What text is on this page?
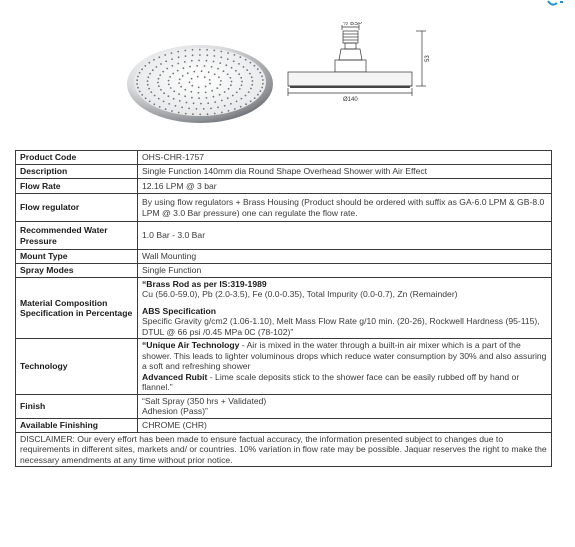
½"BSP
53
Ø140
Product Code	OHS-CHR-1757
Description	Single Function 140mm dia Round Shape Overhead Shower with Air Effect
Flow Rate	12.16 LPM @ 3 bar
Flow regulator	By using flow regulators + Brass Housing (Product should be ordered with suffix as GA-6.0 LPM & GB-8.0 LPM @ 3.0 Bar pressure) one can regulate the flow rate.
Recommended Water Pressure	1.0 Bar - 3.0 Bar
Mount Type	Wall Mounting
Spray Modes	Single Function
Material Composition Specification in Percentage	“Brass Rod as per IS:319-1989
Cu (56.0-59.0), Pb (2.0-3.5), Fe (0.0-0.35), Total Impurity (0.0-0.7), Zn (Remainder)
ABS Specification
Specific Gravity g/cm2 (1.06-1.10), Melt Mass Flow Rate g/10 min. (20-26), Rockwell Hardness (95-115), DTUL @ 66 psi /0.45 MPa 0C (78-102)”

Technology	“Unique Air Technology - Air is mixed in the water through a built-in air mixer which is a part of the shower. This leads to lighter voluminous drops which reduce water consumption by 30% and also assuring a soft and refreshing shower
Advanced Rubit - Lime scale deposits stick to the shower face can be easily rubbed off by hand or flannel.”
Finish	“Salt Spray (350 hrs + Validated)
Adhesion (Pass)”

Available Finishing	CHROME (CHR)
DISCLAIMER: Our every effort has been made to ensure factual accuracy, the information presented subject to changes due to requirements in different sites, markets and/ or countries. 10% variation in flow rate may be possible. Jaquar reserves the right to make the necessary amendments at any time without prior notice.	
